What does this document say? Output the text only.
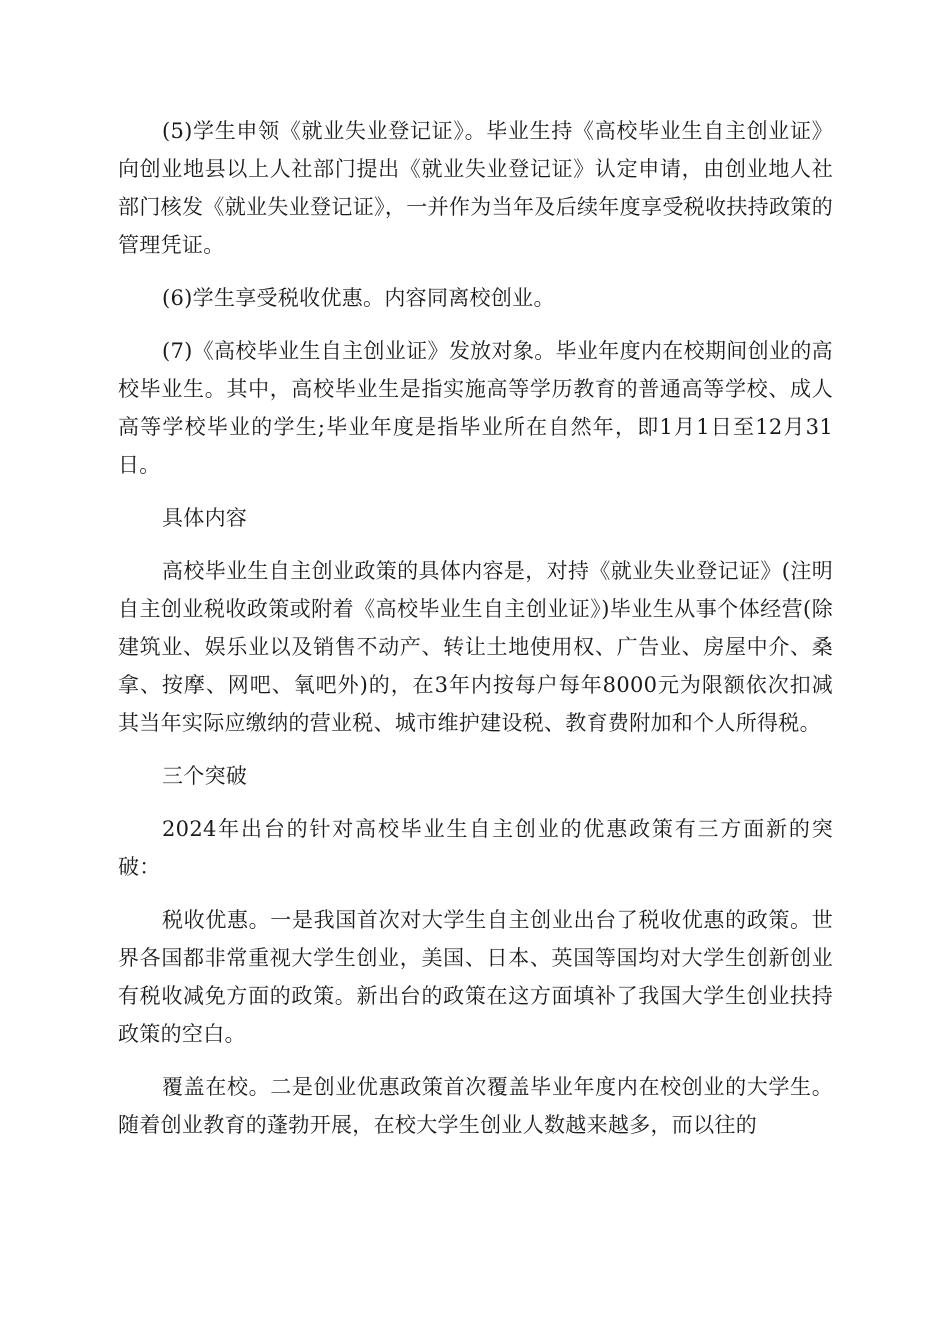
(5)学生申领《就业失业登记证》。毕业生持《高校毕业生自主创业证》向创业地县以上人社部门提出《就业失业登记证》认定申请，由创业地人社部门核发《就业失业登记证》，一并作为当年及后续年度享受税收扶持政策的管理凭证。

(6)学生享受税收优惠。内容同离校创业。

(7)《高校毕业生自主创业证》发放对象。毕业年度内在校期间创业的高校毕业生。其中，高校毕业生是指实施高等学历教育的普通高等学校、成人高等学校毕业的学生;毕业年度是指毕业所在自然年，即1月1日至12月31日。

具体内容

高校毕业生自主创业政策的具体内容是，对持《就业失业登记证》(注明自主创业税收政策或附着《高校毕业生自主创业证》)毕业生从事个体经营(除建筑业、娱乐业以及销售不动产、转让土地使用权、广告业、房屋中介、桑拿、按摩、网吧、氧吧外)的，在3年内按每户每年8000元为限额依次扣减其当年实际应缴纳的营业税、城市维护建设税、教育费附加和个人所得税。

三个突破

2024年出台的针对高校毕业生自主创业的优惠政策有三方面新的突破：

税收优惠。一是我国首次对大学生自主创业出台了税收优惠的政策。世界各国都非常重视大学生创业，美国、日本、英国等国均对大学生创新创业有税收减免方面的政策。新出台的政策在这方面填补了我国大学生创业扶持政策的空白。

覆盖在校。二是创业优惠政策首次覆盖毕业年度内在校创业的大学生。随着创业教育的蓬勃开展，在校大学生创业人数越来越多，而以往的
